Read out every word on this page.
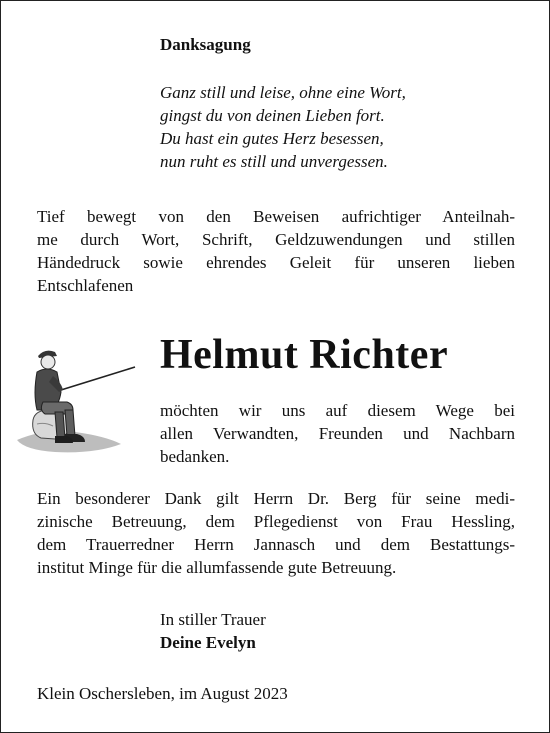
Danksagung
Ganz still und leise, ohne eine Wort,
gingst du von deinen Lieben fort.
Du hast ein gutes Herz besessen,
nun ruht es still und unvergessen.
Tief bewegt von den Beweisen aufrichtiger Anteilnah-
me durch Wort, Schrift, Geldzuwendungen und stillen
Händedruck sowie ehrendes Geleit für unseren lieben
Entschlafenen
Helmut Richter
möchten wir uns auf diesem Wege bei
allen Verwandten, Freunden und Nachbarn
bedanken.
Ein besonderer Dank gilt Herrn Dr. Berg für seine medi-
zinische Betreuung, dem Pflegedienst von Frau Hessling,
dem Trauerredner Herrn Jannasch und dem Bestattungs-
institut Minge für die allumfassende gute Betreuung.
In stiller Trauer
Deine Evelyn
Klein Oschersleben, im August 2023
